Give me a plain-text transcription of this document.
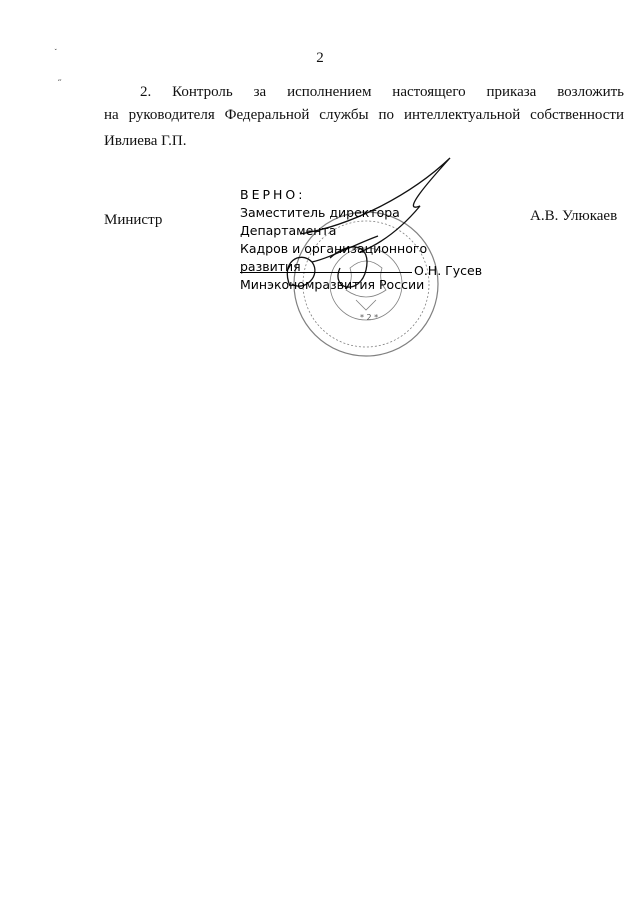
˯
˝
2
2. Контроль за исполнением настоящего приказа возложить
на руководителя Федеральной службы по интеллектуальной собственности
Ивлиева Г.П.
Министр	А.В. Улюкаев
* 2 *
ВЕРНО:
Заместитель директора Департамента
Кадров и организационного развития
Минэкономразвития России
О.Н. Гусев
